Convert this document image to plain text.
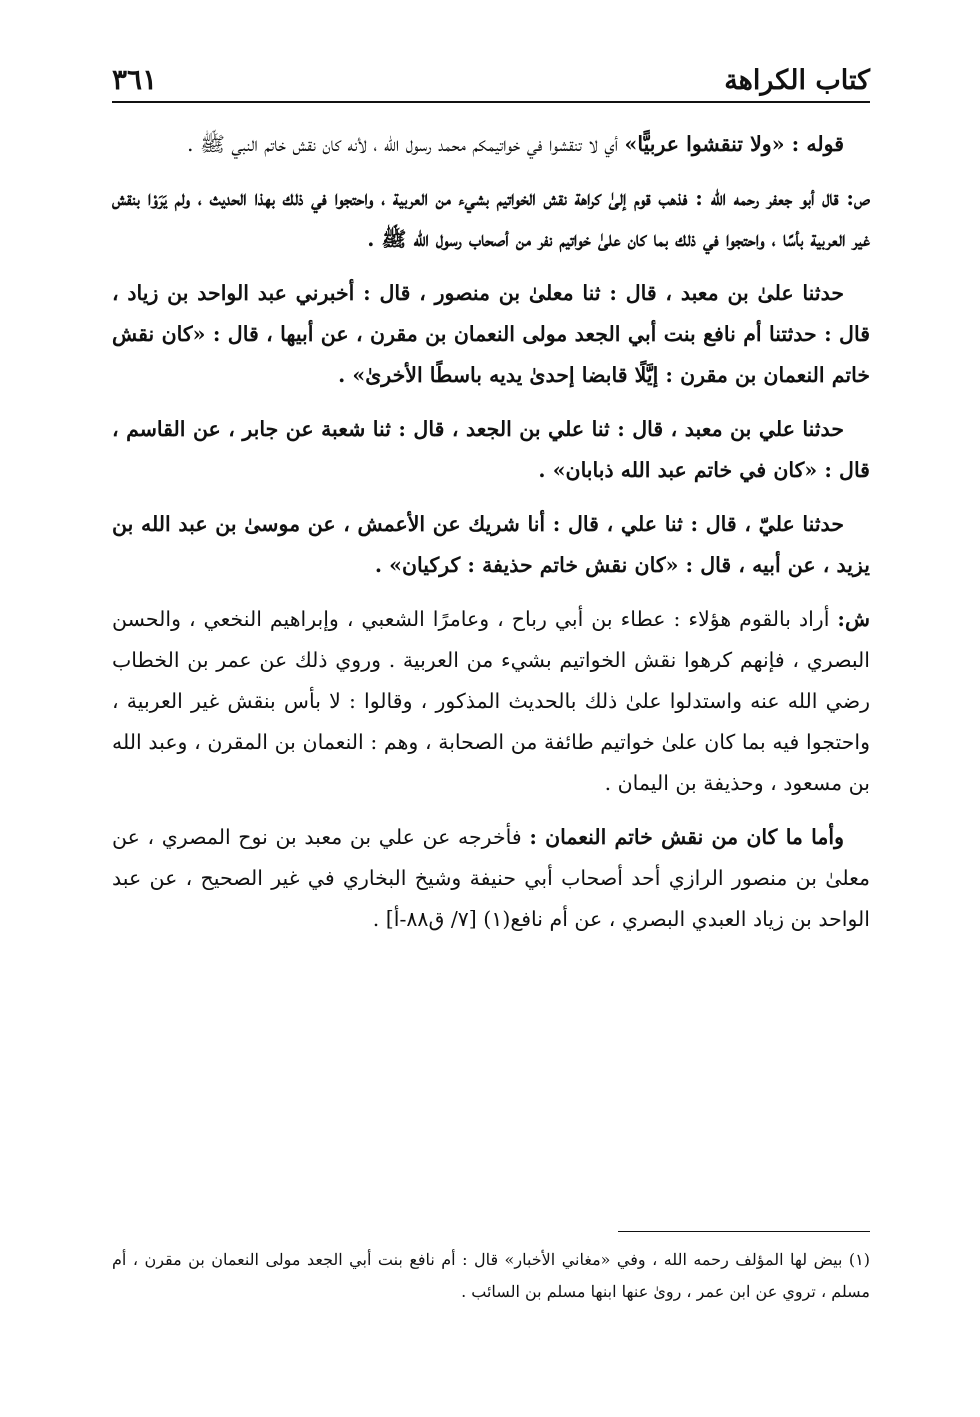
كتاب الكراهة
٣٦١

قوله : «ولا تنقشوا عربيًّا» أي لا تنقشوا في خواتيمكم محمد رسول الله ، لأنه كان نقش خاتم النبي ﷺ .

ص: قال أبو جعفر رحمه الله : فذهب قوم إلىٰ كراهة نقش الخواتيم بشيء من العربية ، واحتجوا في ذلك بهذا الحديث ، ولم يَرَوْا بنقش غير العربية بأسًا ، واحتجوا في ذلك بما كان علىٰ خواتيم نفر من أصحاب رسول الله ﷺ .

حدثنا علىٰ بن معبد ، قال : ثنا معلىٰ بن منصور ، قال : أخبرني عبد الواحد بن زياد ، قال : حدثتنا أم نافع بنت أبي الجعد مولى النعمان بن مقرن ، عن أبيها ، قال : «كان نقش خاتم النعمان بن مقرن : إيَّلًا قابضا إحدىٰ يديه باسطًا الأخرىٰ» .

حدثنا علي بن معبد ، قال : ثنا علي بن الجعد ، قال : ثنا شعبة عن جابر ، عن القاسم ، قال : «كان في خاتم عبد الله ذبابان» .

حدثنا عليّ ، قال : ثنا علي ، قال : أنا شريك عن الأعمش ، عن موسىٰ بن عبد الله بن يزيد ، عن أبيه ، قال : «كان نقش خاتم حذيفة : كركيان» .

ش: أراد بالقوم هؤلاء : عطاء بن أبي رباح ، وعامرًا الشعبي ، وإبراهيم النخعي ، والحسن البصري ، فإنهم كرهوا نقش الخواتيم بشيء من العربية . وروي ذلك عن عمر بن الخطاب رضي الله عنه واستدلوا علىٰ ذلك بالحديث المذكور ، وقالوا : لا بأس بنقش غير العربية ، واحتجوا فيه بما كان علىٰ خواتيم طائفة من الصحابة ، وهم : النعمان بن المقرن ، وعبد الله بن مسعود ، وحذيفة بن اليمان .

وأما ما كان من نقش خاتم النعمان : فأخرجه عن علي بن معبد بن نوح المصري ، عن معلىٰ بن منصور الرازي أحد أصحاب أبي حنيفة وشيخ البخاري في غير الصحيح ، عن عبد الواحد بن زياد العبدي البصري ، عن أم نافع(١) [٧/ ق٨٨-أ] .

(١) بيض لها المؤلف رحمه الله ، وفي «مغاني الأخبار» قال : أم نافع بنت أبي الجعد مولى النعمان بن مقرن ، أم مسلم ، تروي عن ابن عمر ، روىٰ عنها ابنها مسلم بن السائب .
